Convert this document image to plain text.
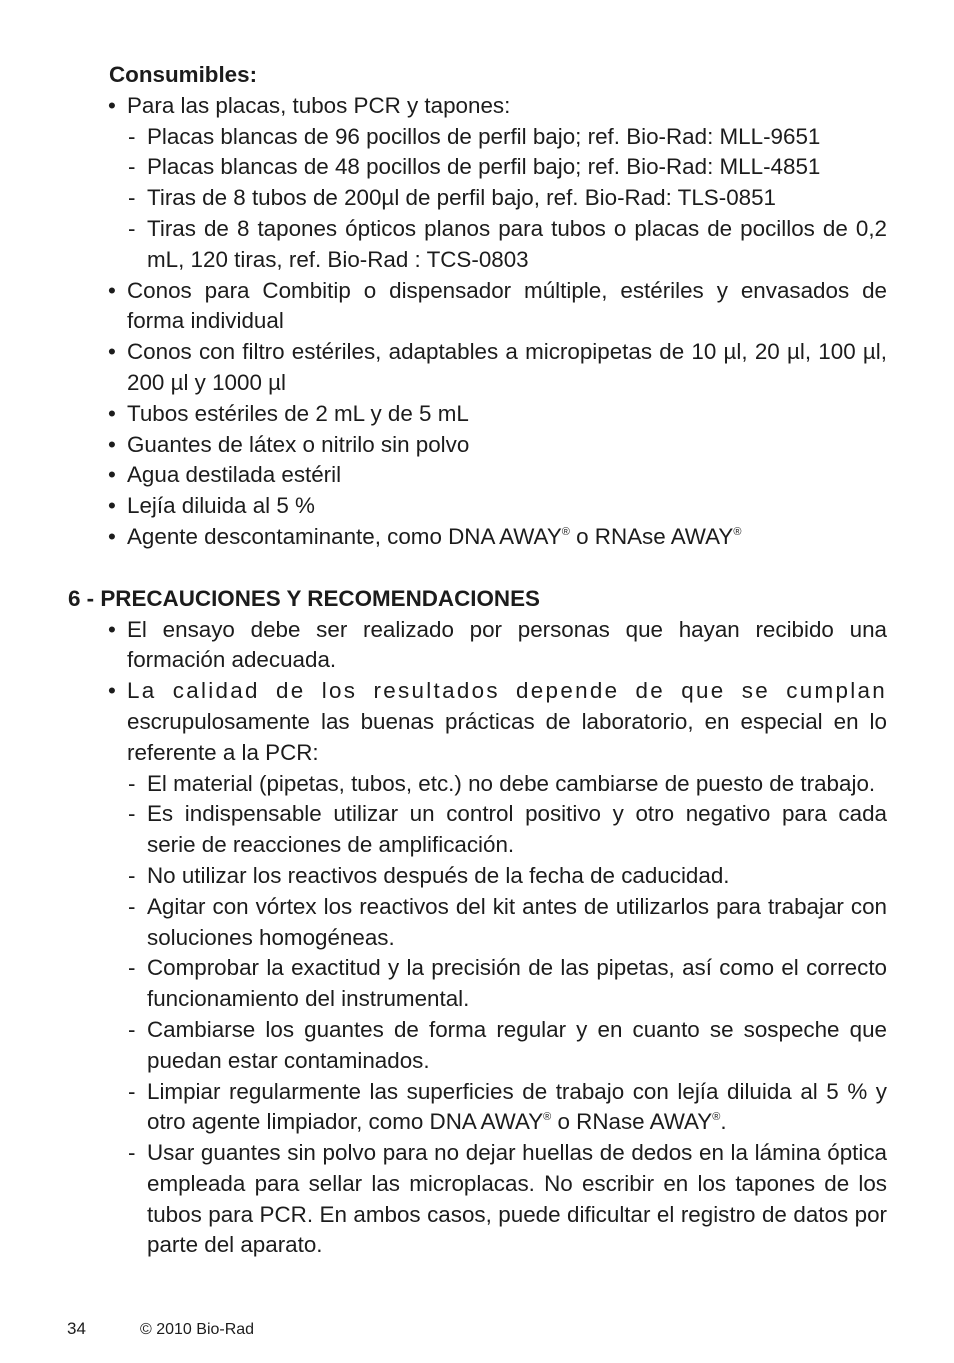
Consumibles:
• Para las placas, tubos PCR y tapones:
- Placas blancas de 96 pocillos de perfil bajo; ref. Bio-Rad: MLL-9651
- Placas blancas de 48 pocillos de perfil bajo; ref. Bio-Rad: MLL-4851
- Tiras de 8 tubos de 200µl de perfil bajo, ref. Bio-Rad: TLS-0851
- Tiras de 8 tapones ópticos planos para tubos o placas de pocillos de 0,2 mL, 120 tiras, ref. Bio-Rad : TCS-0803
• Conos para Combitip o dispensador múltiple, estériles y envasados de forma individual
• Conos con filtro estériles, adaptables a micropipetas de 10 µl, 20 µl, 100 µl, 200 µl y 1000 µl
• Tubos estériles de 2 mL y de 5 mL
• Guantes de látex o nitrilo sin polvo
• Agua destilada estéril
• Lejía diluida al 5 %
• Agente descontaminante, como DNA AWAY® o RNAse AWAY®
6 - PRECAUCIONES Y RECOMENDACIONES
• El ensayo debe ser realizado por personas que hayan recibido una formación adecuada.
• La calidad de los resultados depende de que se cumplan escrupulosamente las buenas prácticas de laboratorio, en especial en lo referente a la PCR:
- El material (pipetas, tubos, etc.) no debe cambiarse de puesto de trabajo.
- Es indispensable utilizar un control positivo y otro negativo para cada serie de reacciones de amplificación.
- No utilizar los reactivos después de la fecha de caducidad.
- Agitar con vórtex los reactivos del kit antes de utilizarlos para trabajar con soluciones homogéneas.
- Comprobar la exactitud y la precisión de las pipetas, así como el correcto funcionamiento del instrumental.
- Cambiarse los guantes de forma regular y en cuanto se sospeche que puedan estar contaminados.
- Limpiar regularmente las superficies de trabajo con lejía diluida al 5 % y otro agente limpiador, como DNA AWAY® o RNase AWAY®.
- Usar guantes sin polvo para no dejar huellas de dedos en la lámina óptica empleada para sellar las microplacas. No escribir en los tapones de los tubos para PCR. En ambos casos, puede dificultar el registro de datos por parte del aparato.
34	© 2010 Bio-Rad
